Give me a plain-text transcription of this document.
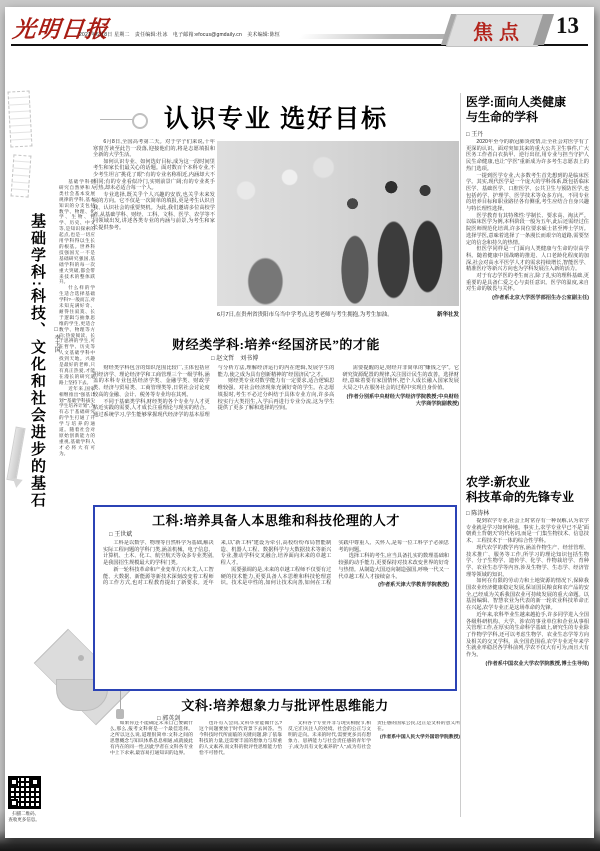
光明日报
2021年6月8日 星期二　责任编辑:杜冰　电子邮箱:efocus@gmdaily.cn　美术编辑:陈恒	焦点	13
基础学科:科技、文化和社会进步的基石	□ 李玉国

基础学科指研究自然界和人类社会基本发展规律的学科,基本知识的分支包括数学、物理、化学、生物、哲学、历史、中文等,是知识探索的起点,也是一切应用学科得以生长的根基。世界科技强国无一不是基础研究强国,基础学科的每一次重大突破,都会带来技术的整体跃升。

什么样的学生适合选择基础学科?一般而言,对未知充满好奇、耐得住寂寞、长于逻辑与抽象思维的学生,更适合数学、物理等方向;热爱阅读、长于思辨的学生,可在哲学、历史等人文基础学科中找到天地。兴趣是最好的老师,只有真正热爱,才能在漫长的研究道路上坚持下去。

近年来,国家相继推出“强基计划”“基础学科拔尖学生培养计划”,为有志于基础研究的学生打通了升学与培养的通道。随着社会对原始创新能力的重视,基础学科人才必将大有可为。

认识专业 选好目标

6月8日,全国高考第二天。对于学子们来说,十年寒窗苦读至此告一段落,迎接他们的,将是志愿填报和全新的大学生活。

如何认识专业、如何选好目标,成为这一段时间里考生和家长们最关心的话题。面对数百个本科专业,不少考生坦言“挑花了眼”:有的专业名称相近,内涵却大不相同;有的专业看似冷门,实则前景广阔;有的专业炙手可热,却未必适合每一个人。

专业选择,既关乎个人兴趣的安放,也关乎未来发展的方向。它不仅是一次简单的填报,更是考生认识自我、认识社会的重要契机。为此,我们邀请多位高校学者,从基础学科、财经、工科、文科、医学、农学等不同领域出发,讲述各类专业的内涵与前景,为考生和家长提供参考。

6月7日,在贵州省贵阳市乌当中学考点,送考老师与考生拥抱,为考生加油。	新华社发
财经类学科:培养“经国济民”的才能
□ 赵文哲　刘书博

财经类学科包含的知识范围比较广,主体包括应用经济学、理论经济学和工商管理三个一级学科,涵盖的本科专业包括经济学类、金融学类、财政学类、经济与贸易类、工商管理类等,日常社会讨论度较高的金融、会计、税务等专业均在其列。

不同于基础类学科,财经类的各个专业与人才更贴近实践的需要,人才成长注重理论与现实的结合。通过系统学习,学生能够掌握现代经济学的基本原理与分析方法,理解经济运行的内在逻辑,发展学生的能力,使之成为具有创新精神的“经国济民”之才。

财经类专业对数学能力有一定要求,适合逻辑思维较强、对社会经济现象充满好奇的学生。在志愿填报时,考生不必过分纠结于具体专业方向,许多高校实行大类招生,入学后再进行专业分流,这为学生提供了更多了解和选择的空间。

需要提醒的是,财经并非简单的“赚钱之学”。它研究资源配置的规律,关注国计民生的改善。选择财经,意味着要有家国情怀,把个人成长融入国家发展大局之中,在服务社会的过程中实现自身价值。

(作者分别系中央财经大学经济学院教授;中央财经大学商学院副教授)

工科:培养具备人本思维和科技伦理的人才
□ 王世斌

工科是以数学、物理等自然科学为基础,解决实际工程问题的学科门类,涵盖机械、电子信息、计算机、土木、化工、航空航天等众多专业类别,是我国招生规模最大的学科门类。

新一轮科技革命和产业变革方兴未艾,人工智能、大数据、新能源等新技术深刻改变着工程师的工作方式,也对工程教育提出了新要求。近年来,以“新工科”建设为牵引,高校纷纷布局智能制造、机器人工程、数据科学与大数据技术等新兴专业,推动学科交叉融合,培养面向未来的卓越工程人才。

需要强调的是,未来的卓越工程师不仅要有过硬的技术能力,更要具备人本思维和科技伦理意识。技术是中性的,如何让技术向善,如何在工程实践中尊重人、关怀人,是每一位工科学子必须思考的问题。

选择工科的考生,应当具备扎实的数理基础和较强的动手能力,更要保持对技术改变世界的好奇与热情。从制造大国迈向制造强国,呼唤一代又一代卓越工程人才接续奋斗。

(作者系天津大学教育学院教授)

文科:培养想象力与批评性思维能力
□ 郭英剑

如果你还不能确定未来自己要做什么,那么,报考文科将是一个最佳选择。之所以这么说,道理很简单:文科之间的思想概念与知识体系息息相通,成就彼此有内在的同一性,因此学者在文科各专业中上下求索,最容易打通知识的边界。

也许有人会问,文科毕业能做什么?这个问题要放于时代背景下去回答。当今科技时代所面临的关键问题,除了依靠科技的力量,还需要丰富的想象力与厚重的人文素养,而文科的批评性思维能力恰恰不可替代。

文科各个专业并非与现实相脱节,相反,它们关注人的处境、社会的公正与文明的走向。未来的时代,需要更多具有想象力、思辨能力与社会责任感的青年学子,成为具有文化素养的“人”,成为有社会责任感的国家公民,这正是文科的意义所在。

(作者系中国人民大学外国语学院教授)

医学:面向人类健康
与生命的学科
□ 王丹

2020年至今的新冠肺炎疫情,让全社会对医学有了更深的认识。面对突如其来的重大公共卫生事件,广大医务工作者白衣执甲、逆行出征,用专业与担当守护人民生命健康,也让“学医”重新成为许多考生志愿表上的热门选项。

一提到医学专业,大多数考生首先想到的是临床医学。其实,现代医学是一个庞大的学科体系,既包括临床医学、基础医学、口腔医学、公共卫生与预防医学,也包括药学、护理学、医学技术等众多方向。不同专业的培养目标和职业路径各有侧重,考生应结合自身兴趣与特长理性选择。

医学教育有其特殊性:学制长、要求高、淘汰严。以临床医学为例,本科阶段一般为五年,此后还需经过住院医师规范化培训,许多岗位要求硕士甚至博士学历。选择学医,意味着选择了一条漫长而艰辛的道路,需要坚定的信念和持久的热情。

但医学同样是一门面向人类健康与生命的崇高学科。随着健康中国战略的推进、人口老龄化程度的加深,社会对高水平医学人才的需求持续增长,智能医学、精准医疗等新兴方向也为学科发展注入新的活力。

对于有志学医的考生而言,除了扎实的理科基础,更重要的是具备仁爱之心与责任意识。医学的温度,来自对生命的敬畏与关怀。

(作者系北京大学医学部招生办公室副主任)

农学:新农业
科技革命的先锋专业
□ 陈涛林

提到农学专业,社会上时常存有一种误解,认为农学专业就是学习如何种地。事实上,农学专业早已不是“面朝黄土背朝天”的代名词,而是一门集生物技术、信息技术、工程技术于一体的综合性学科。

现代农学的教学内容,涵盖作物生产、经营管理、技术推广、服务等工作,所学习的理论知识包括生物学、分子生物学、遗传学、化学、作物栽培学、育种学、农业生态学等内容,涉及生物学、生态学、经济管理等领域的知识。

如何在有限的劳动力和土地资源的情况下,保障我国农业经济健康稳定发展,保证国民粮食和农产品的安全,已经成为关系我国农业可持续发展的重大命题。以基因编辑、智慧农业为代表的新一轮农业科技革命正在兴起,农学专业正是这场革命的先锋。

近年来,农科毕业生越来越抢手,许多同学进入全国各级科研机构、大学、涉农的事业单位和企业从事相关管理工作,在厚实的生命科学基础上,研究生的专业除了作物学学科,还可以考虑生物学、农业生态学等方向及相关的交叉学科。从全国范围看,农学专业近年来学生就业率稳居各学科前列,学农不仅大有可为,而且大有作为。

(作者系中国农业大学农学院教授,博士生导师)

扫描二维码,
查收更多信息。
